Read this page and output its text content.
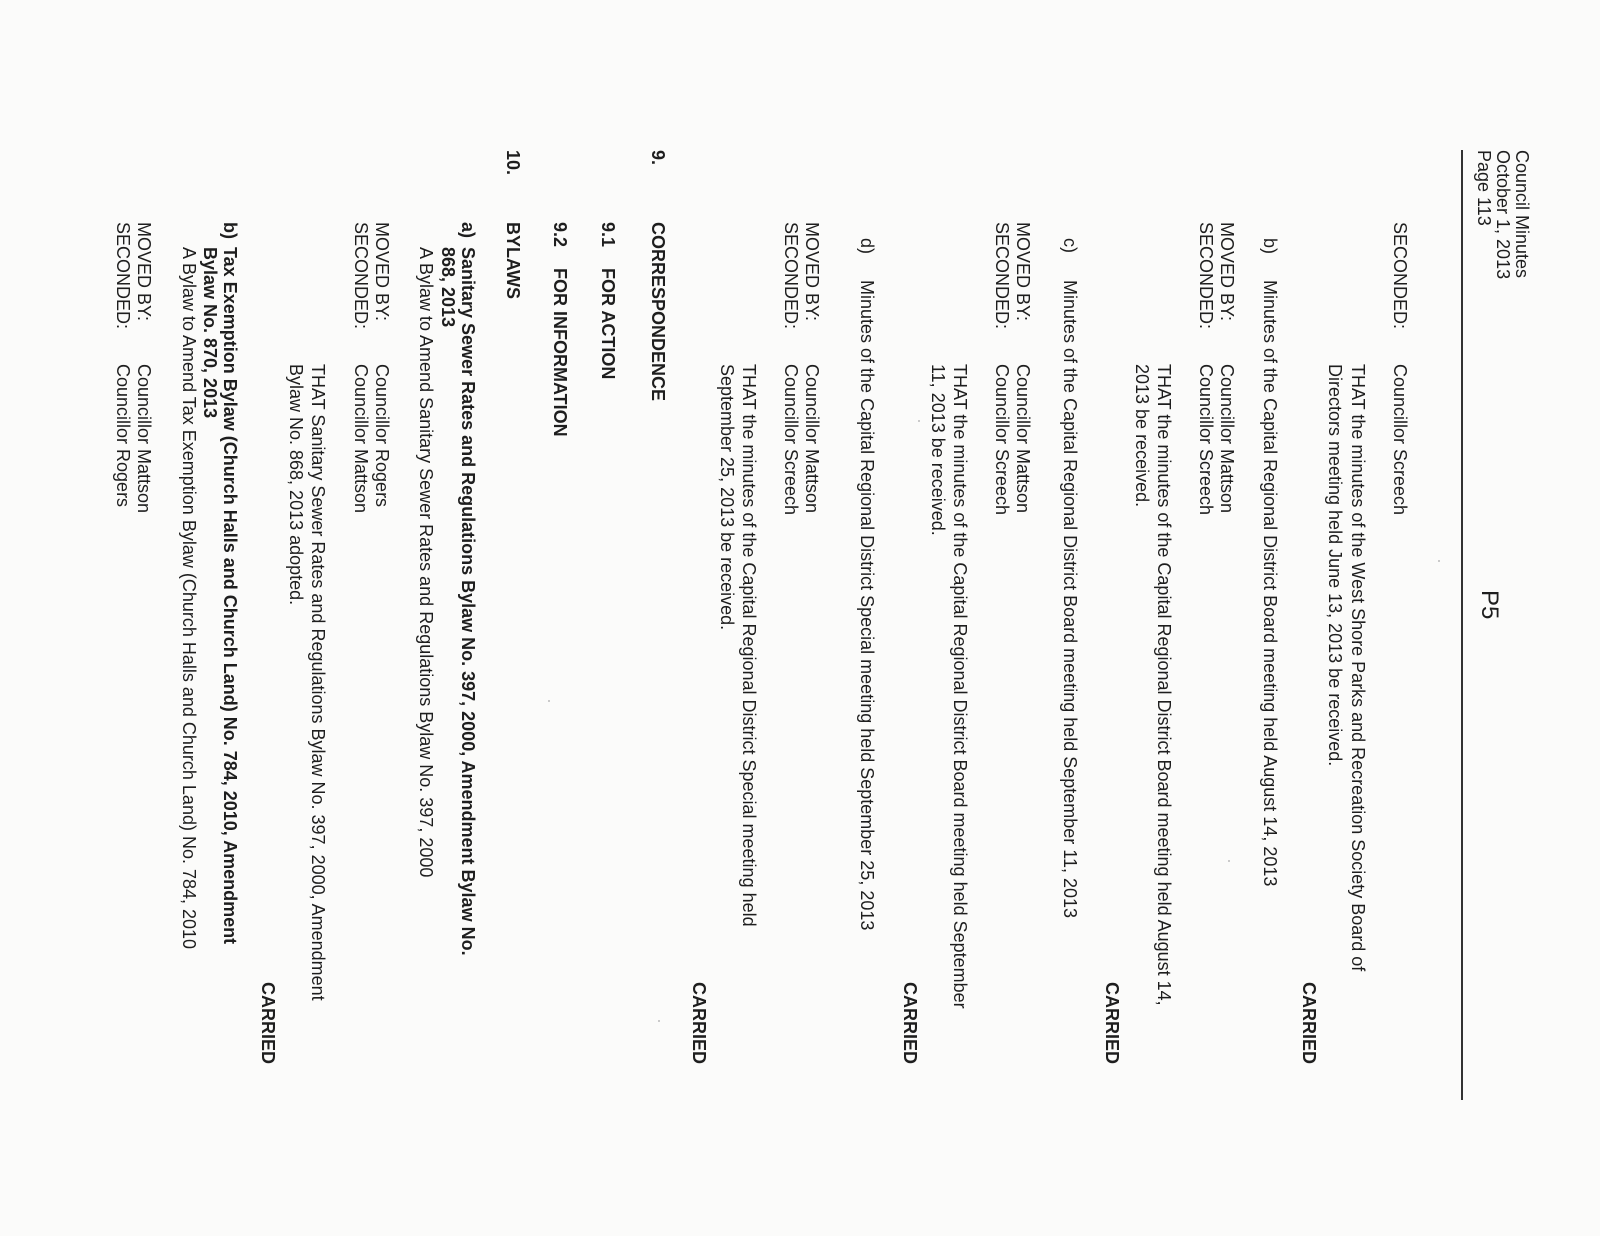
Council Minutes
October 1, 2013
Page 113
P5
SECONDED:
Councillor Screech
THAT the minutes of the West Shore Parks and Recreation Society Board of
Directors meeting held June 13, 2013 be received.
CARRIED
b)
Minutes of the Capital Regional District Board meeting held August 14, 2013
MOVED BY:
Councillor Mattson
SECONDED:
Councillor Screech
THAT the minutes of the Capital Regional District Board meeting held August 14,
2013 be received.
CARRIED
c)
Minutes of the Capital Regional District Board meeting held September 11, 2013
MOVED BY:
Councillor Mattson
SECONDED:
Councillor Screech
THAT the minutes of the Capital Regional District Board meeting held September
11, 2013 be received.
CARRIED
d)
Minutes of the Capital Regional District Special meeting held September 25, 2013
MOVED BY:
Councillor Mattson
SECONDED:
Councillor Screech
THAT the minutes of the Capital Regional District Special meeting held
September 25, 2013 be received.
CARRIED
9.
CORRESPONDENCE
9.1
FOR ACTION
9.2
FOR INFORMATION
10.
BYLAWS
a)
Sanitary Sewer Rates and Regulations Bylaw No. 397, 2000, Amendment Bylaw No.
868, 2013
A Bylaw to Amend Sanitary Sewer Rates and Regulations Bylaw No. 397, 2000
MOVED BY:
Councillor Rogers
SECONDED:
Councillor Mattson
THAT Sanitary Sewer Rates and Regulations Bylaw No. 397, 2000, Amendment
Bylaw No. 868, 2013 adopted.
CARRIED
b)
Tax Exemption Bylaw (Church Halls and Church Land) No. 784, 2010, Amendment
Bylaw No. 870, 2013
A Bylaw to Amend Tax Exemption Bylaw (Church Halls and Church Land) No. 784, 2010
MOVED BY:
Councillor Mattson
SECONDED:
Councillor Rogers
